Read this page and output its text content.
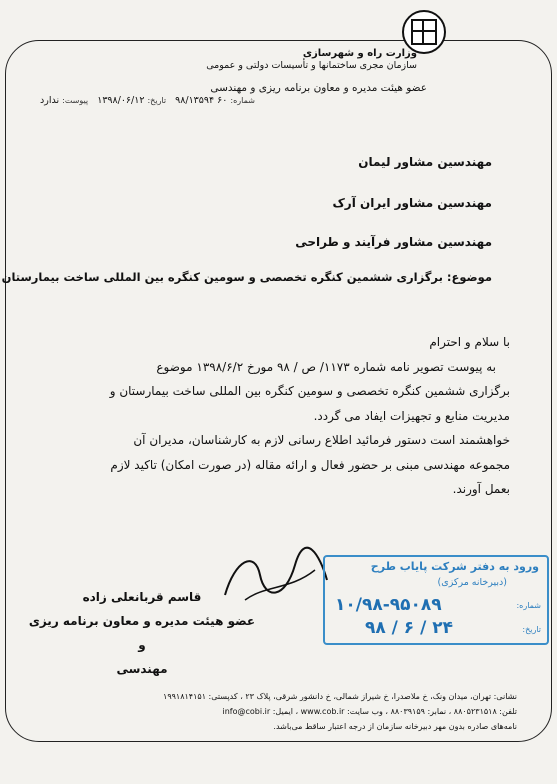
وزارت راه و شهرسازی
سازمان مجری ساختمانها و تأسیسات دولتی و عمومی
عضو هیئت مدیره و معاون برنامه ریزی و مهندسی
شماره: ۶۰ ۹۸/۱۳۵۹۴   تاریخ: ۱۳۹۸/۰۶/۱۲   پیوست: ندارد
مهندسین مشاور لیمان
مهندسین مشاور ایران آرک
مهندسین مشاور فرآیند و طراحی
موضوع: برگزاری ششمین کنگره تخصصی و سومین کنگره بین المللی ساخت بیمارستان

با سلام و احترام

به پیوست تصویر نامه شماره ۱۱۷۳/ ص / ۹۸ مورخ ۱۳۹۸/۶/۲ موضوع

برگزاری ششمین کنگره تخصصی و سومین کنگره بین المللی ساخت بیمارستان و

مدیریت منابع و تجهیزات ایفاد می گردد.

خواهشمند است دستور فرمائید اطلاع رسانی لازم به کارشناسان، مدیران آن

مجموعه مهندسی مبنی بر حضور فعال و ارائه مقاله (در صورت امکان) تاکید لازم

بعمل آورند.

قاسم قربانعلی زاده
عضو هیئت مدیره و معاون برنامه ریزی و
مهندسی
ورود به دفتر شرکت پایاب طرح
(دبیرخانه مرکزی)
شماره:
۱۰/۹۸-۹۵۰۸۹
تاریخ:
۹۸ / ۶ / ۲۴
نشانی: تهران، میدان ونک، خ ملاصدرا، خ شیراز شمالی، خ دانشور شرقی، پلاک ۲۳ ، کدپستی: ۱۹۹۱۸۱۴۱۵۱
تلفن: ۸۸۰۵۲۳۱۵۱۸ ، نمابر: ۸۸۰۳۹۱۵۹ ، وب سایت: www.cob.ir ، ایمیل: info@cobi.ir
نامه‌های صادره بدون مهر دبیرخانه سازمان از درجه اعتبار ساقط می‌باشد.
